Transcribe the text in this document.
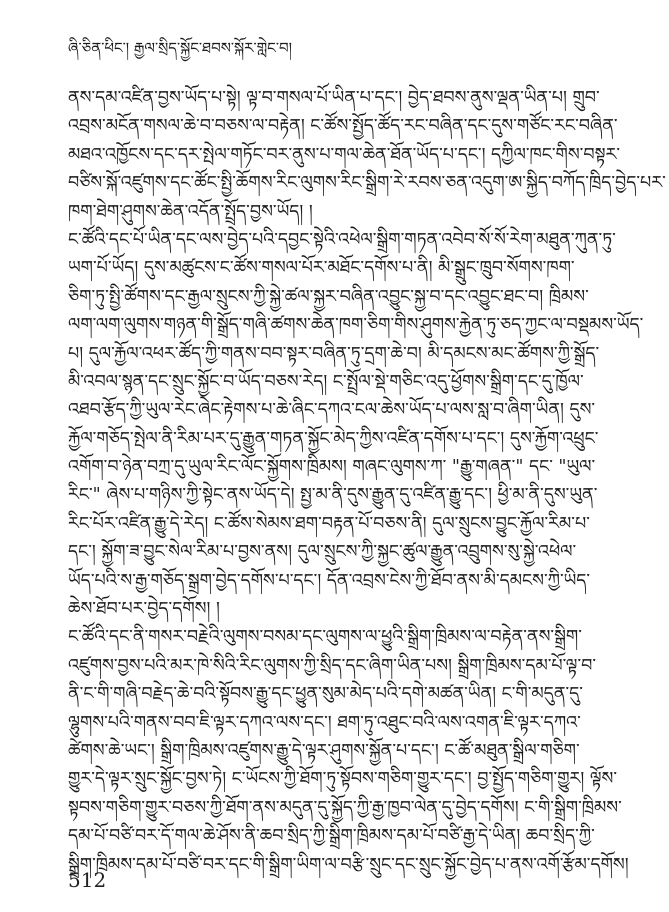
ཞི་ཅིན་ཕིང་། རྒྱལ་སྲིད་སྐྱོང་ཐབས་སྐོར་གླེང་བ།
ནས་དམ་འཛིན་བྱས་ཡོད་པ་སྟེ། ལྟ་བ་གསལ་པོ་ཡིན་པ་དང་། བྱེད་ཐབས་ནུས་ལྡན་ཡིན་པ། གྲུབ་
འབྲས་མངོན་གསལ་ཆེ་བ་བཅས་ལ་བརྟེན། ང་ཚོས་སྤྱོད་ཚོད་རང་བཞིན་དང་དུས་གཙོང་རང་བཞིན་
མཐའ་འཁྱོངས་དང་དར་སྤེལ་གཏོང་བར་ནུས་པ་གལ་ཆེན་ཐོན་ཡོད་པ་དང་། དཀྱིལ་ཁང་གིས་བསྟར་
བཙིས་སྐོ་འཛུགས་དང་ཚོང་སྤྱི་ཆོགས་རིང་ལུགས་རིང་སྒྲིག་རེ་རབས་ཅན་འདུག་ཨ་སྐྱིད་བཀོད་ཁྲིད་བྱེད་པར་
ཁག་ཐེག་ཤུགས་ཆེན་འདོན་སྤྲོད་བྱས་ཡོད། །
ང་ཚོའི་དང་པོ་ཡིན་དང་ལས་བྱེད་པའི་དབྱང་སྟེའི་འཕེལ་སྒྲིག་གཏན་འབེབ་སོ་སོ་རེག་མཐུན་ཀུན་ཏུ་
ཡག་པོ་ཡོད། དུས་མཚུངས་ང་ཚོས་གསལ་པོར་མཐོང་དགོས་པ་ནི། མི་སྒྲུང་ཁྲུབ་སོགས་ཁག་
ཅིག་ཏུ་སྤྱི་ཚོགས་དང་རྒྱལ་སྲུངས་ཀྱི་སྐྱེ་ཚལ་སྐྱར་བཞིན་འབྱུང་སྐྱ་བ་དང་འབྱུང་ཐང་བ། ཁྲིམས་
ལག་ལག་ལུགས་གཉན་གི་སྒྲོད་གཞི་ཚགས་ཆེན་ཁག་ཅིག་གིས་ཤུགས་རྐྱེན་ཏུ་ཅད་ཀྱང་ལ་བསྡམས་ཡོད་
པ། དུལ་རྐྱོལ་འཕར་ཚོད་ཀྱི་གནས་བབ་སྟར་བཞིན་ཏུ་དྲག་ཆེ་བ། མི་དམངས་མང་ཚོགས་ཀྱི་སྒྲོད་
མི་འབལ་སྙན་དང་སྲུང་སྐྱོང་བ་ཡོད་བཅས་རེད། ང་སྤྲོལ་སྡེ་གཅིང་འདུ་ཕྱོགས་སྒྲིག་དང་དུ་ཁྱོལ་
འཐབ་རྩོད་ཀྱི་ཡུལ་རེང་ཞེང་རྟེགས་པ་ཆེ་ཞིང་དཀའ་ངལ་ཆེས་ཡོད་པ་ལས་སླ་བ་ཞིག་ཡིན། དུས་
རྐྱོལ་གཅོད་སྤེལ་ནི་རིམ་པར་དུ་རྒྱུན་གཏན་སྐྱོང་མེད་ཀྱིས་འཛིན་དགོས་པ་དང་། དུས་རྐྱོག་འཕྲུང་
འགོག་བ་ཉེན་བཀྲ་དུ་ཡུལ་རིང་ལོང་སྐྱོགས་ཁྲིམས། གཞང་ལུགས་ཀ་ "རྒྱུ་གཞན་" དང་ "ཡུལ་
རིང་" ཞེས་པ་གཉིས་ཀྱི་སྟེང་ནས་ཡོད་དེ། སྤྱ་མ་ནི་དུས་རྒྱུན་དུ་འཛིན་རྒྱུ་དང་། ཕྱི་མ་ནི་དུས་ཡུན་
རིང་པོར་འཛིན་རྒྱུ་དེ་རེད། ང་ཚོས་སེམས་ཐག་བརྟན་པོ་བཅས་ནི། དུལ་སྲུངས་བྱུང་རྐྱོལ་རིམ་པ་
དང་། སྐྱོག་ཟ་བྱུང་སེལ་རིམ་པ་བྱས་ནས། དུལ་སྲུངས་ཀྱི་སྐྱང་ཚུལ་རྒྱུན་འབྲུགས་སུ་སྐྱེ་འཕེལ་
ཡོད་པའི་ས་རྒྱ་གཅོད་སྒྲག་བྱེད་དགོས་པ་དང་། དོན་འབྲས་ངེས་ཀྱི་ཐོབ་ནས་མི་དམངས་ཀྱི་ཡིད་
ཆེས་ཐོབ་པར་བྱེད་དགོས། །
ང་ཚོའི་དང་ནི་གསར་བརྗེའི་ལུགས་བསམ་དང་ལུགས་ལ་ཕྱུའི་སྒྲིག་ཁྲིམས་ལ་བརྟེན་ནས་སྒྲིག་
འཛུགས་བྱས་པའི་མར་ཁེ་སིའི་རིང་ལུགས་ཀྱི་སྲིད་དང་ཞིག་ཡིན་པས། སྒྲིག་ཁྲིམས་དམ་པོ་ལྟ་བ་
ནི་ང་གི་གཞི་བརྗེད་ཆེ་བའི་སྟོབས་རྒྱུ་དང་ཕྱུན་སུམ་མེད་པའི་དགེ་མཚན་ཡིན། ང་གི་མདུན་དུ་
ལྷུགས་པའི་གནས་བབ་ཇི་ལྟར་དཀའ་ལས་དང་། ཐག་ཏུ་འཐུང་བའི་ལས་འགན་ཇི་ལྟར་དཀའ་
ཚེགས་ཆེ་ཡང་། སྒྲིག་ཁྲིམས་འཛུགས་རྒྱུ་དེ་ལྟར་ཤུགས་སྐྱོན་པ་དང་། ང་ཚོ་མཐུན་སྒྲིལ་གཅིག་
གྱུར་དེ་ལྟར་སྲུང་སྐྱོང་བྱས་ཏེ། ང་ཡོངས་ཀྱི་ཐོག་ཏུ་སྟོབས་གཅིག་གྱུར་དང་། བྱ་སྤྱོད་གཅིག་གྱུར། ལྟོས་
སྟབས་གཅིག་གྱུར་བཅས་ཀྱི་ཐོག་ནས་མདུན་དུ་སྐྱོད་ཀྱི་རྒྱ་ཁྱབ་ལེན་དུ་བྱེད་དགོས། ང་གི་སྒྲིག་ཁྲིམས་
དམ་པོ་བཙི་བར་དོ་གལ་ཆེ་ཤོས་ནི་ཆབ་སྲིད་ཀྱི་སྒྲིག་ཁྲིམས་དམ་པོ་བཙི་རྒྱ་དེ་ཡིན། ཆབ་སྲིད་ཀྱི་
སྒྲིག་ཁྲིམས་དམ་པོ་བཙི་བར་དང་གི་སྒྲིག་ཡིག་ལ་བརྩི་སྲུང་དང་སྲུང་སྐྱོང་བྱེད་པ་ནས་འགོ་རྩོམ་དགོས།
512
